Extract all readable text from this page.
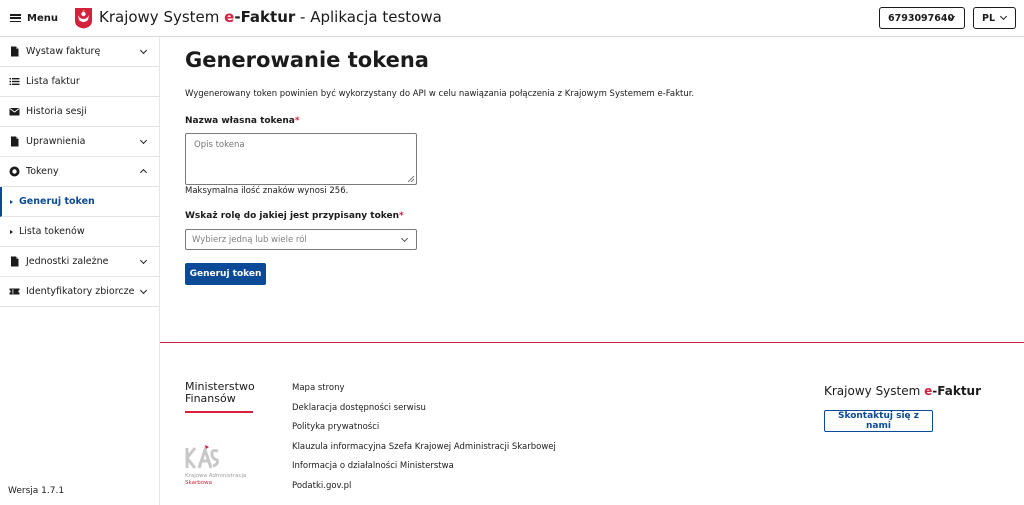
Menu	Krajowy System e-Faktur - Aplikacja testowa	6793097640	PL
Wystaw fakturę
Lista faktur
Historia sesji
Uprawnienia
Tokeny
Generuj token
Lista tokenów
Jednostki zależne
Identyfikatory zbiorcze
Wersja 1.7.1
Generowanie tokena

Wygenerowany token powinien być wykorzystany do API w celu nawiązania połączenia z Krajowym Systemem e-Faktur.

Nazwa własna tokena*
Opis tokena
Maksymalna ilość znaków wynosi 256.
Wskaż rolę do jakiej jest przypisany token*
Wybierz jedną lub wiele ról
Generuj token
Ministerstwo
Finansów
Krajowa Administracja
Skarbowa
Mapa strony
Deklaracja dostępności serwisu
Polityka prywatności
Klauzula informacyjna Szefa Krajowej Administracji Skarbowej
Informacja o działalności Ministerstwa
Podatki.gov.pl
Krajowy System e-Faktur
Skontaktuj się z nami
